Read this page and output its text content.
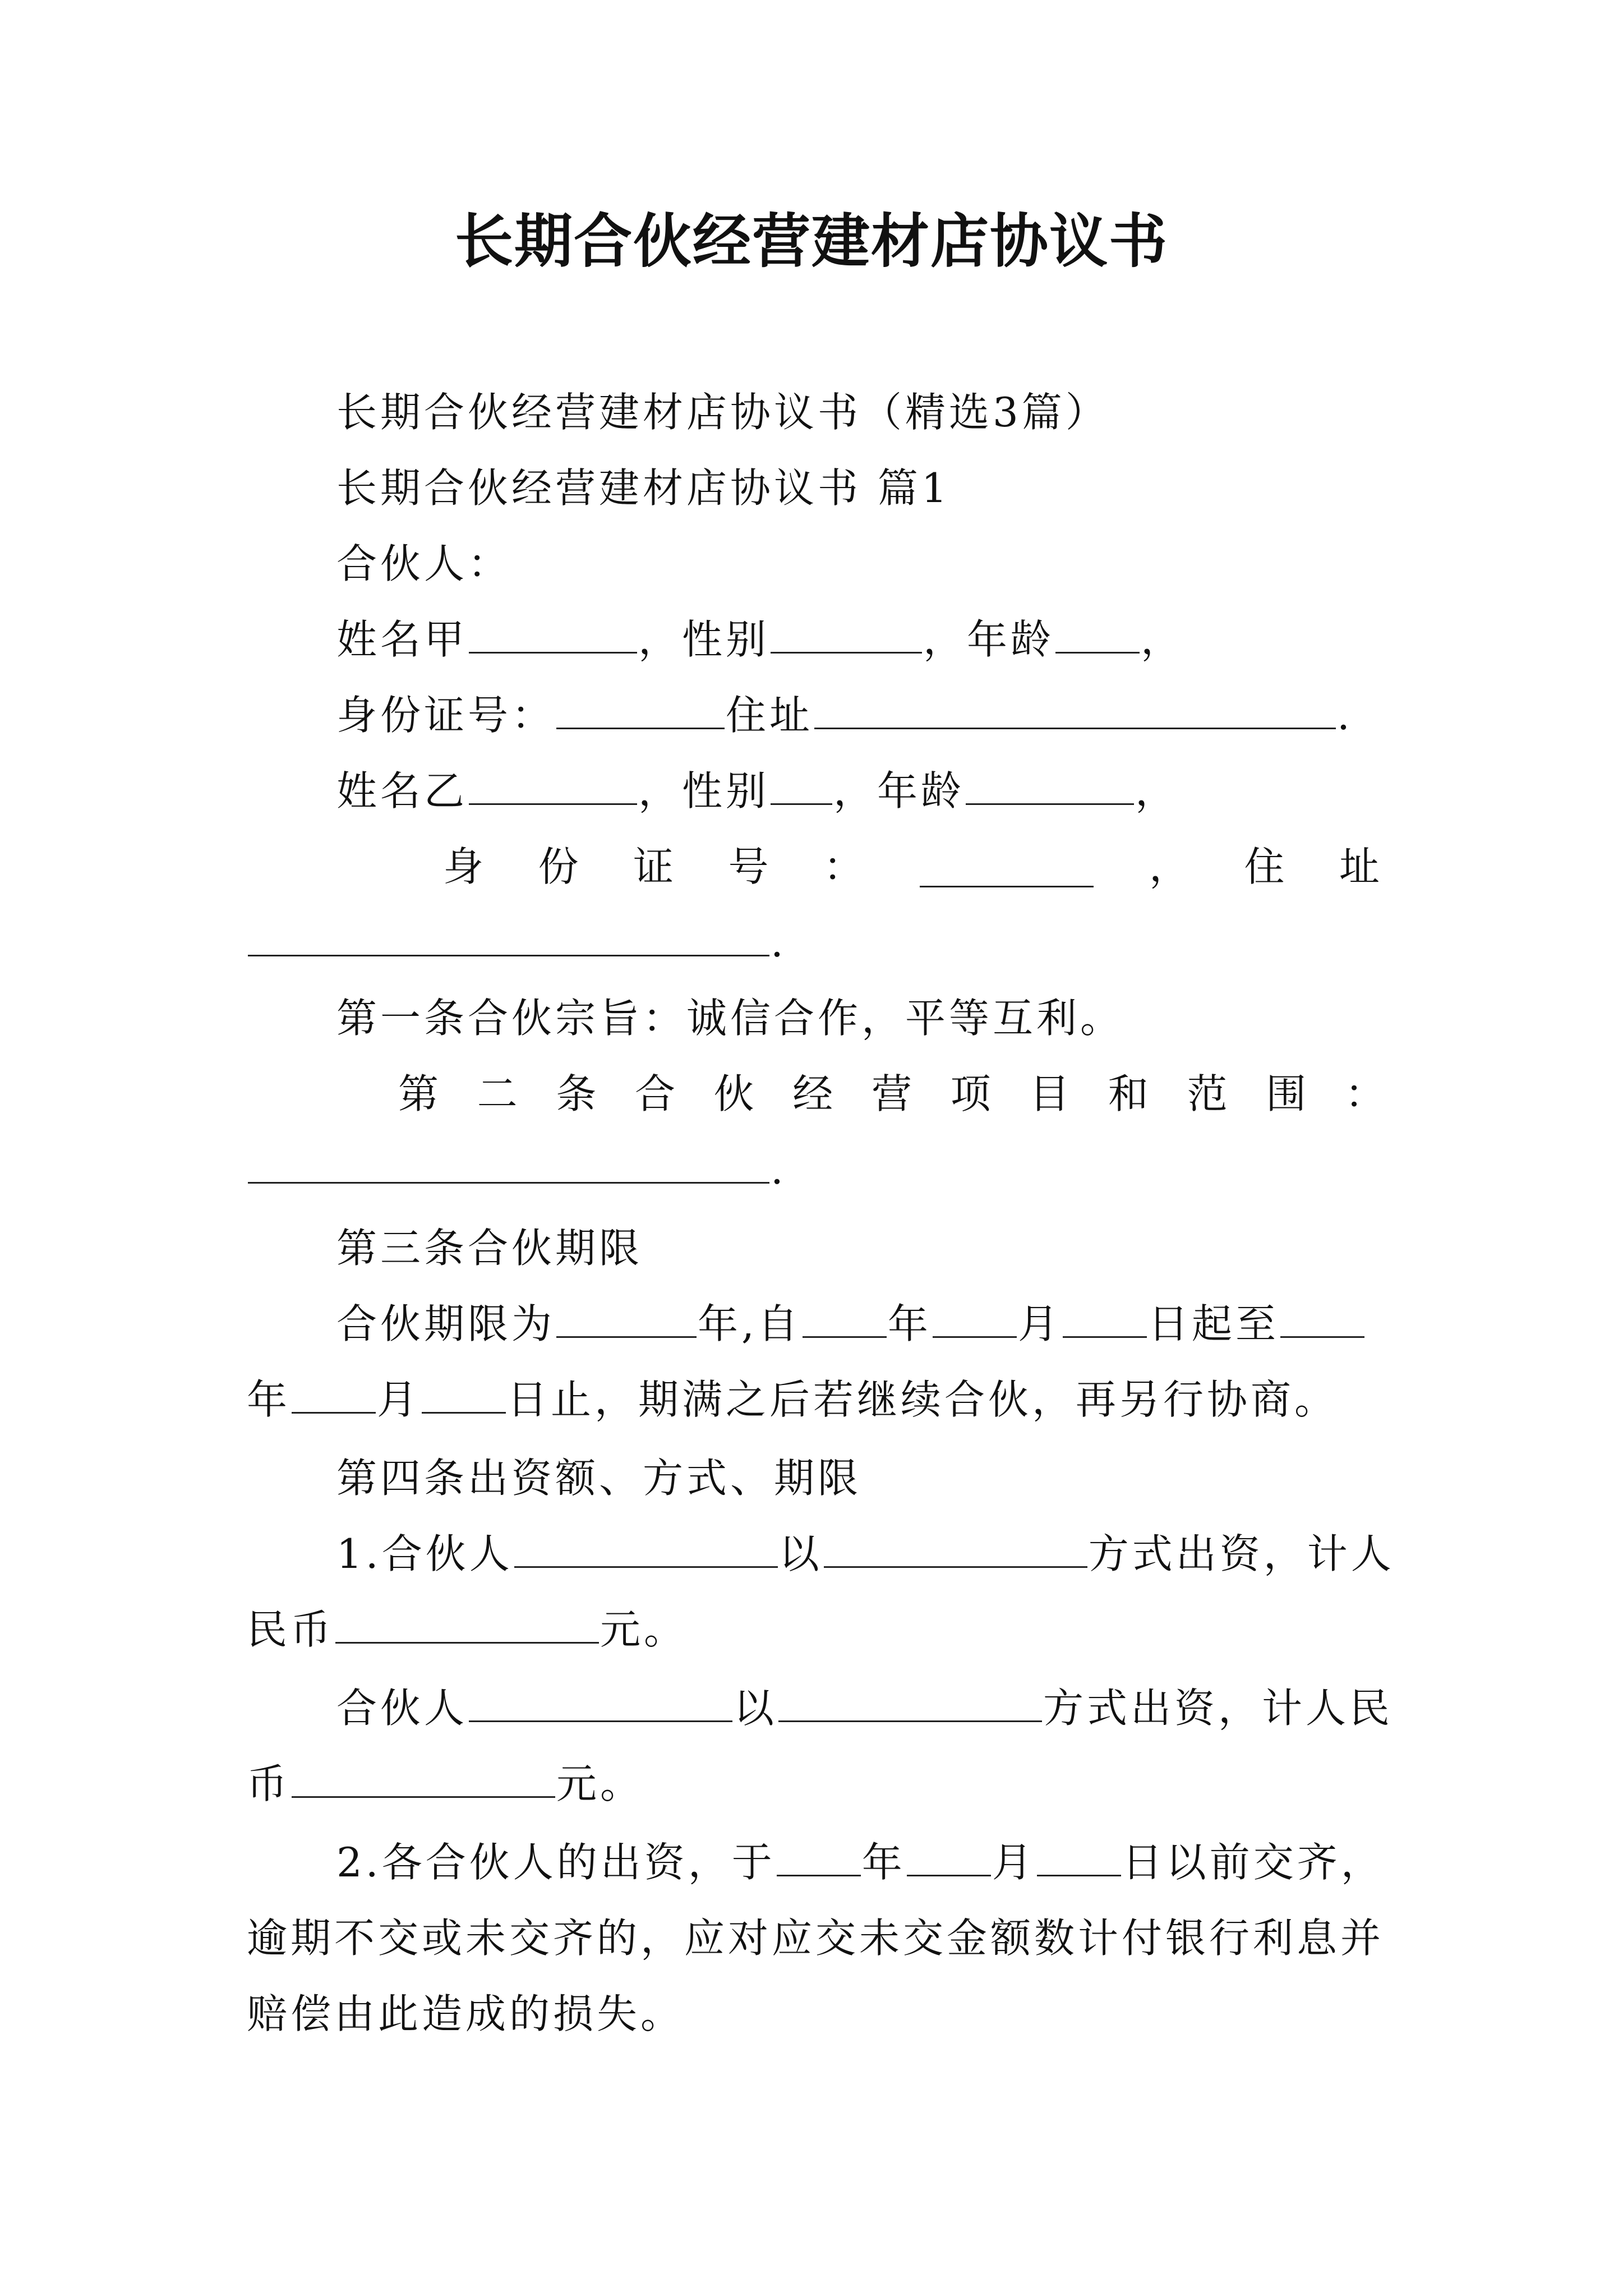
长期合伙经营建材店协议书
长期合伙经营建材店协议书（精选3篇）
长期合伙经营建材店协议书 篇1
合伙人：
姓名甲	，性别	，年龄 ，
身份证号：	住址	.
姓名乙	，性别 ，年龄	，
身 份 证 号 ：	， 住 址
.
第一条合伙宗旨：诚信合作，平等互利。
第 二 条 合 伙 经 营 项 目 和 范 围 ：
.
第三条合伙期限
合伙期限为	年,自 年 月 日起至
年 月 日止，期满之后若继续合伙，再另行协商。
第四条出资额、方式、期限
1.合伙人	以	方式出资，计人
民币	元。
合伙人	以	方式出资，计人民
币	元。
2.各合伙人的出资，于 年 月 日以前交齐，
逾期不交或未交齐的，应对应交未交金额数计付银行利息并
赔偿由此造成的损失。
